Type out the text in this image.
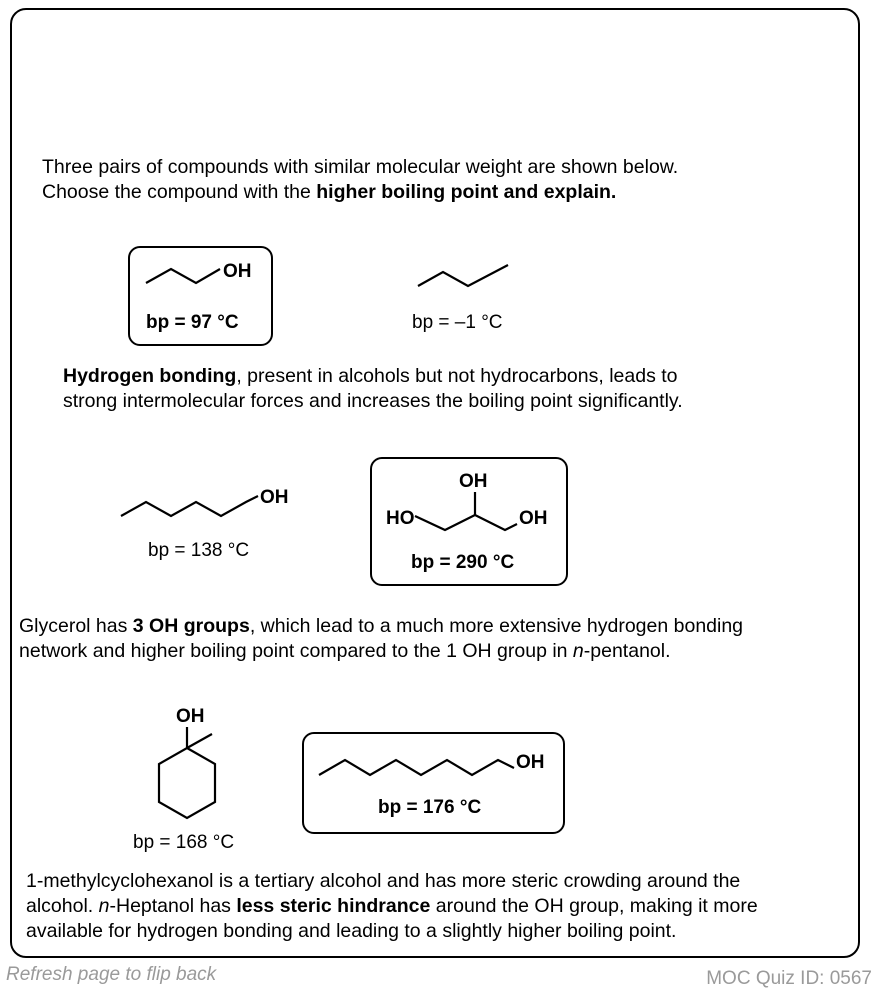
Three pairs of compounds with similar molecular weight are shown below.
Choose the compound with the higher boiling point and explain.
OH
bp = 97 °C	bp = –1 °C
Hydrogen bonding, present in alcohols but not hydrocarbons, leads to
strong intermolecular forces and increases the boiling point significantly.
OH
bp = 138 °C
OH
HO	OH
bp = 290 °C
Glycerol has 3 OH groups, which lead to a much more extensive hydrogen bonding
network and higher boiling point compared to the 1 OH group in n-pentanol.
OH
bp = 168 °C
OH
bp = 176 °C
1-methylcyclohexanol is a tertiary alcohol and has more steric crowding around the
alcohol. n-Heptanol has less steric hindrance around the OH group, making it more
available for hydrogen bonding and leading to a slightly higher boiling point.
Refresh page to flip back	MOC Quiz ID: 0567
